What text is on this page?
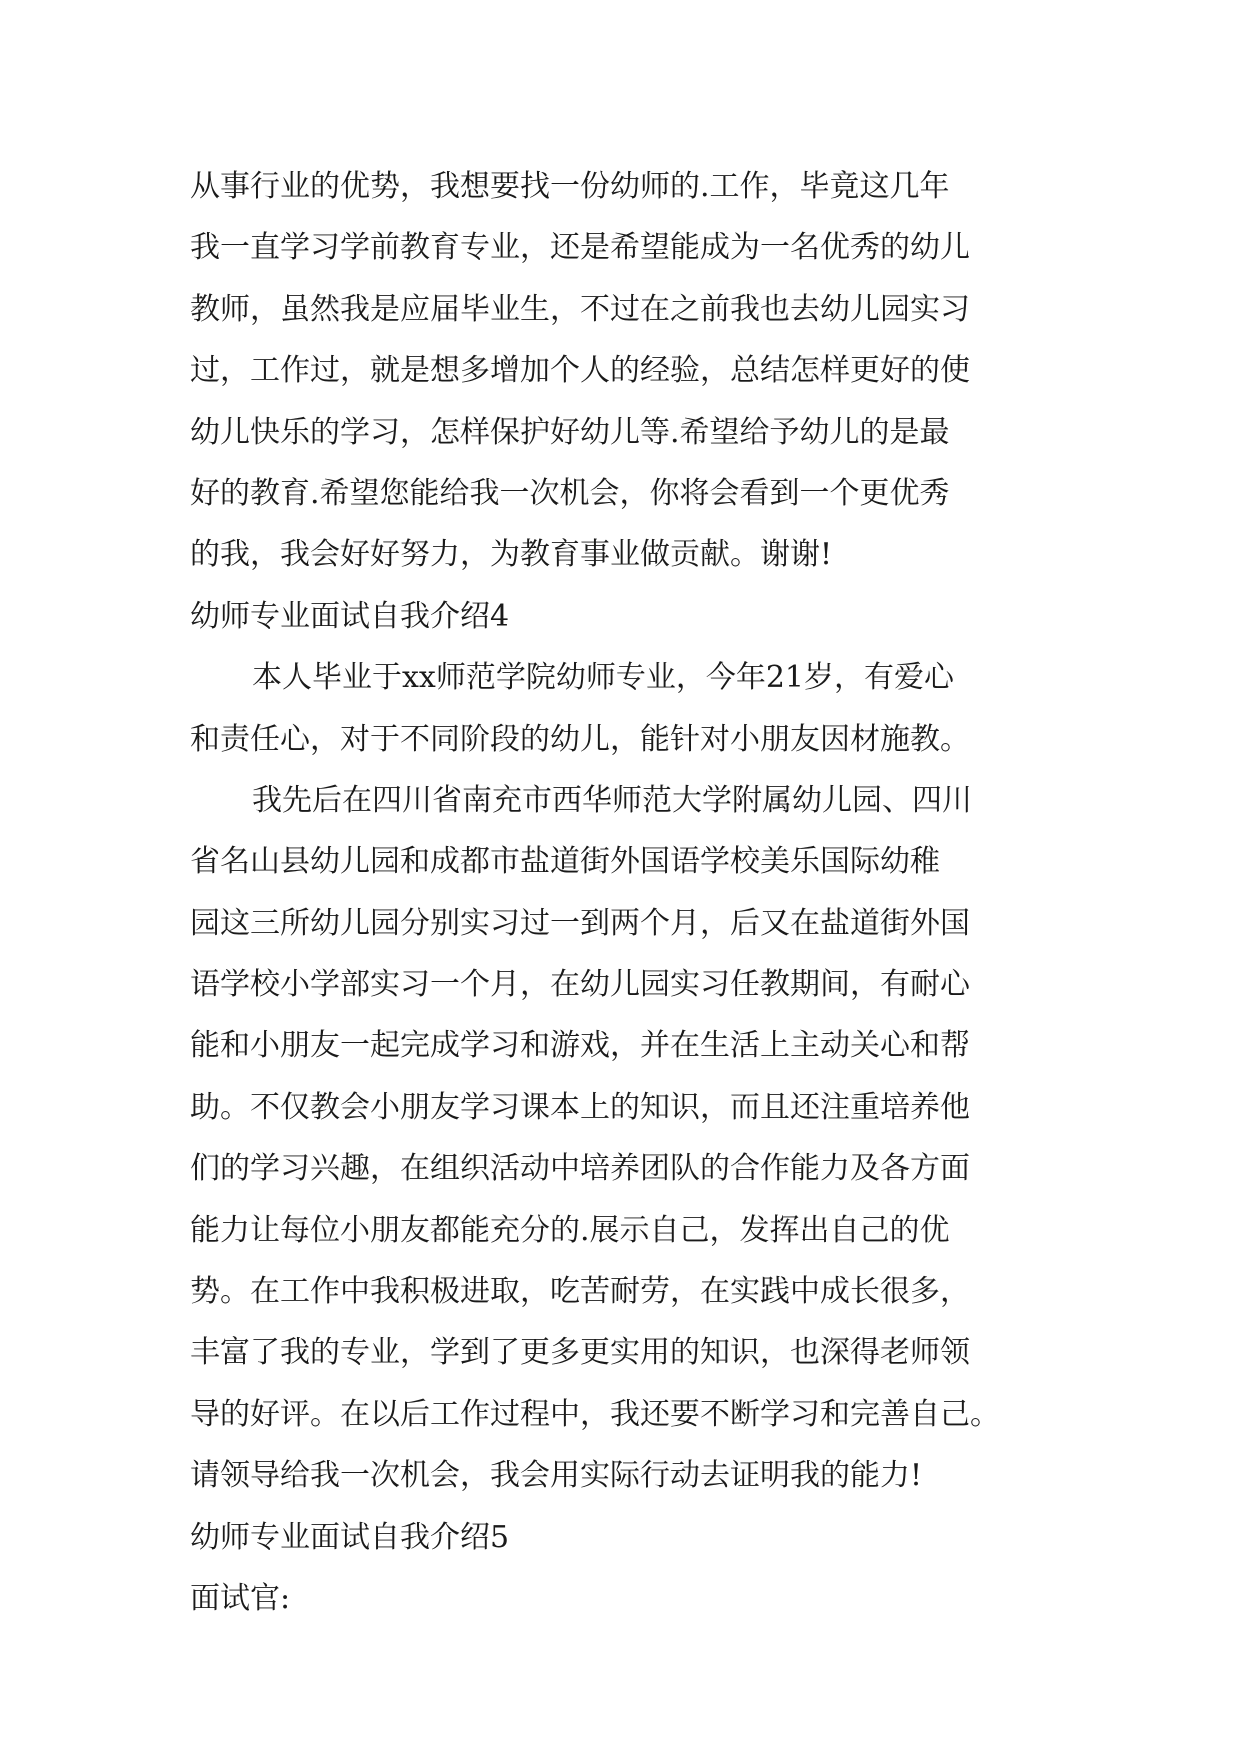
从事行业的优势，我想要找一份幼师的.工作，毕竟这几年
我一直学习学前教育专业，还是希望能成为一名优秀的幼儿
教师，虽然我是应届毕业生，不过在之前我也去幼儿园实习
过，工作过，就是想多增加个人的经验，总结怎样更好的使
幼儿快乐的学习，怎样保护好幼儿等.希望给予幼儿的是最
好的教育.希望您能给我一次机会，你将会看到一个更优秀
的我，我会好好努力，为教育事业做贡献。谢谢!
幼师专业面试自我介绍4
本人毕业于xx师范学院幼师专业，今年21岁，有爱心
和责任心，对于不同阶段的幼儿，能针对小朋友因材施教。
我先后在四川省南充市西华师范大学附属幼儿园、四川
省名山县幼儿园和成都市盐道街外国语学校美乐国际幼稚
园这三所幼儿园分别实习过一到两个月，后又在盐道街外国
语学校小学部实习一个月，在幼儿园实习任教期间，有耐心
能和小朋友一起完成学习和游戏，并在生活上主动关心和帮
助。不仅教会小朋友学习课本上的知识，而且还注重培养他
们的学习兴趣，在组织活动中培养团队的合作能力及各方面
能力让每位小朋友都能充分的.展示自己，发挥出自己的优
势。在工作中我积极进取，吃苦耐劳，在实践中成长很多，
丰富了我的专业，学到了更多更实用的知识，也深得老师领
导的好评。在以后工作过程中，我还要不断学习和完善自己。
请领导给我一次机会，我会用实际行动去证明我的能力!
幼师专业面试自我介绍5
面试官:
